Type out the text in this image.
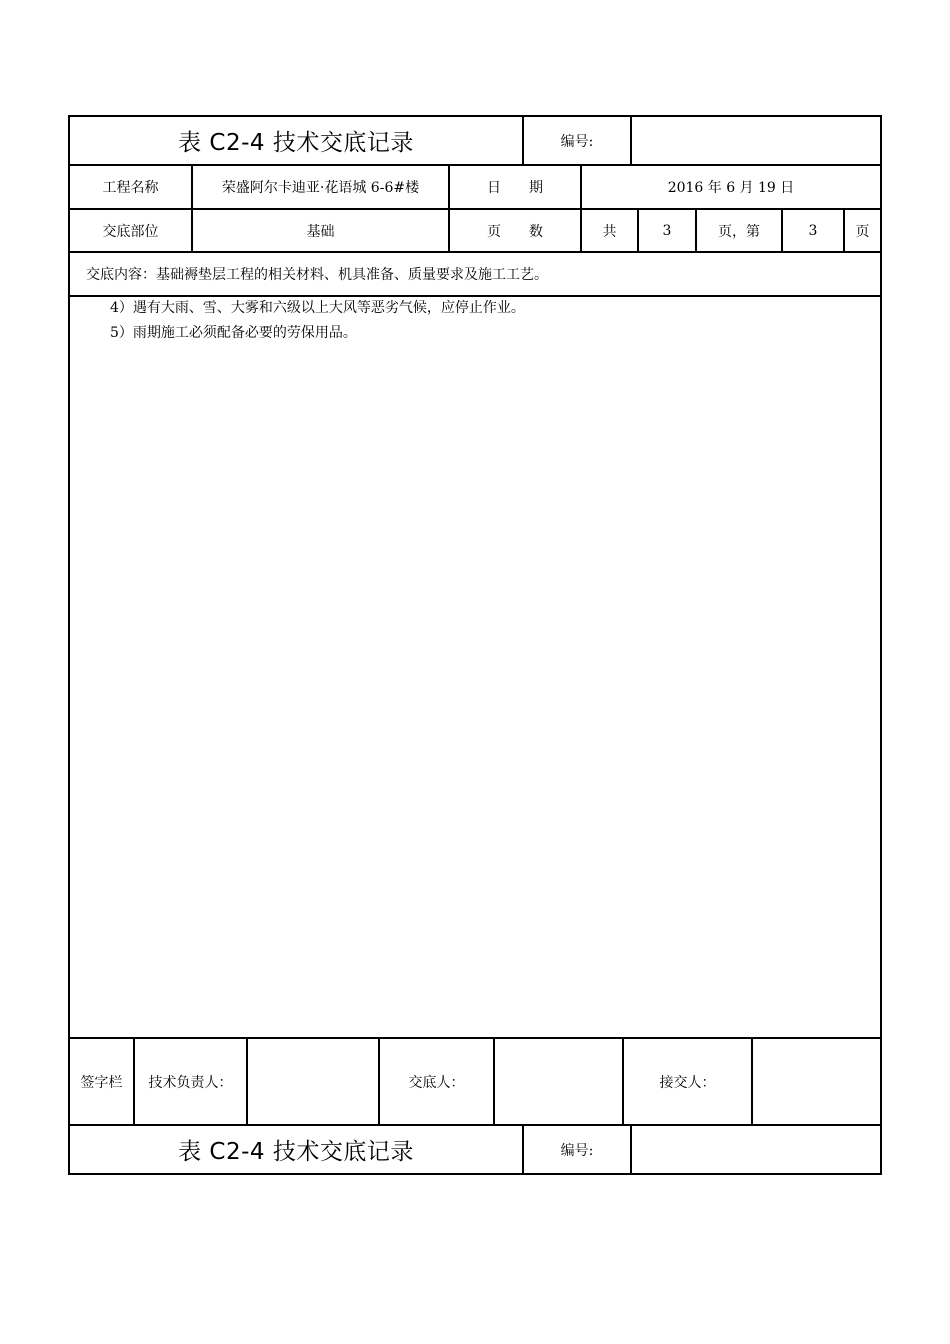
表 C2-4 技术交底记录	编号:
工程名称	荣盛阿尔卡迪亚·花语城 6-6#楼	日　　期	2016 年 6 月 19 日
交底部位	基础	页　　数	共	3	页，第	3	页
交底内容：基础褥垫层工程的相关材料、机具准备、质量要求及施工工艺。
4）遇有大雨、雪、大雾和六级以上大风等恶劣气候，应停止作业。
5）雨期施工必须配备必要的劳保用品。
签字栏	技术负责人：	交底人：	接交人：
表 C2-4 技术交底记录	编号:
